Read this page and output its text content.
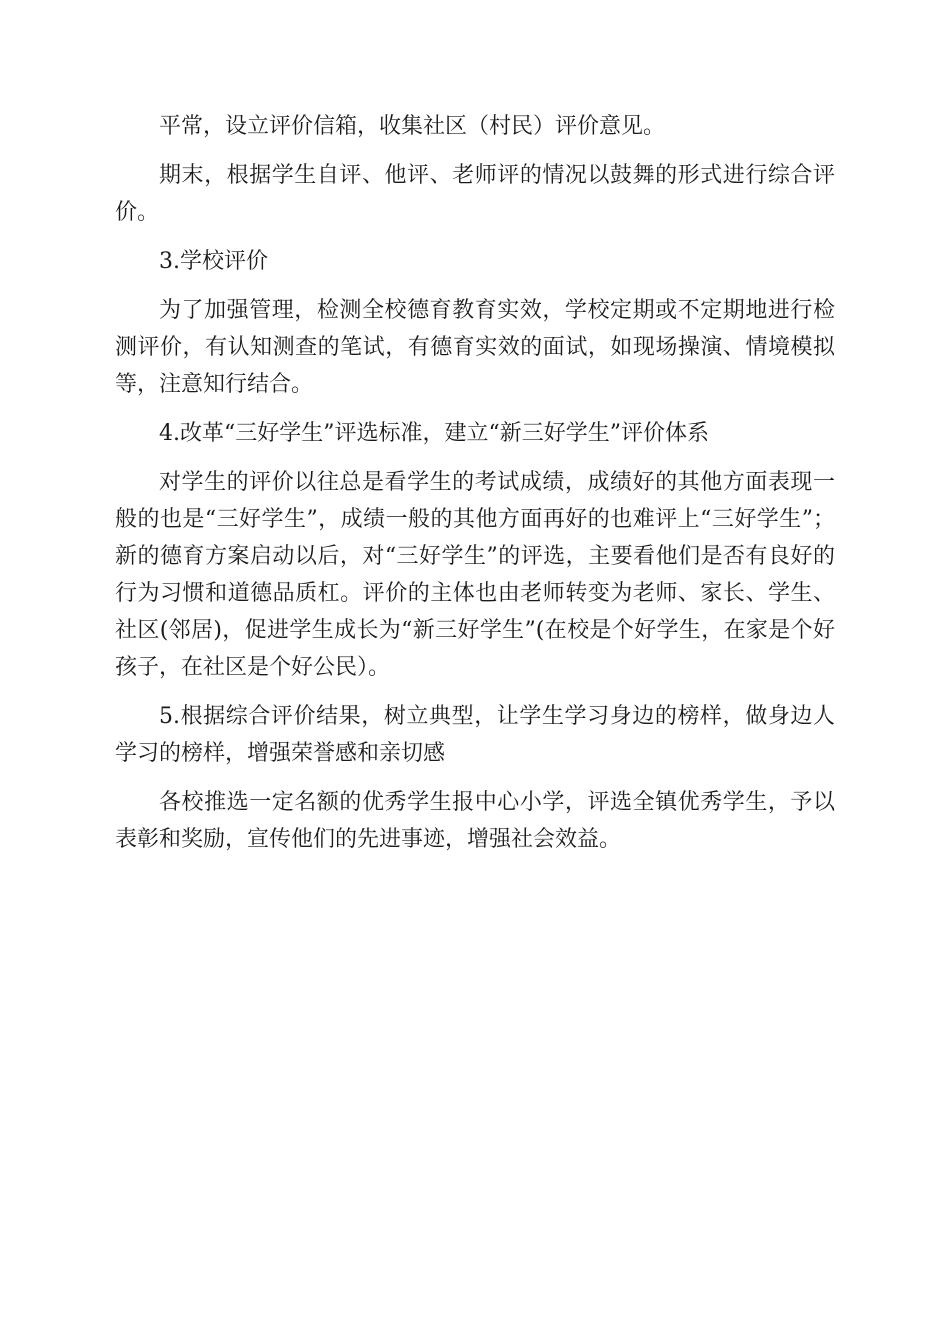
平常，设立评价信箱，收集社区（村民）评价意见。

期末，根据学生自评、他评、老师评的情况以鼓舞的形式进行综合评价。

3.学校评价

为了加强管理，检测全校德育教育实效，学校定期或不定期地进行检测评价，有认知测查的笔试，有德育实效的面试，如现场操演、情境模拟等，注意知行结合。

4.改革“三好学生”评选标准，建立“新三好学生”评价体系

对学生的评价以往总是看学生的考试成绩，成绩好的其他方面表现一般的也是“三好学生”，成绩一般的其他方面再好的也难评上“三好学生”；新的德育方案启动以后，对“三好学生”的评选，主要看他们是否有良好的行为习惯和道德品质杠。评价的主体也由老师转变为老师、家长、学生、社区(邻居)，促进学生成长为“新三好学生”(在校是个好学生，在家是个好孩子，在社区是个好公民）。

5.根据综合评价结果，树立典型，让学生学习身边的榜样，做身边人学习的榜样，增强荣誉感和亲切感

各校推选一定名额的优秀学生报中心小学，评选全镇优秀学生，予以表彰和奖励，宣传他们的先进事迹，增强社会效益。
